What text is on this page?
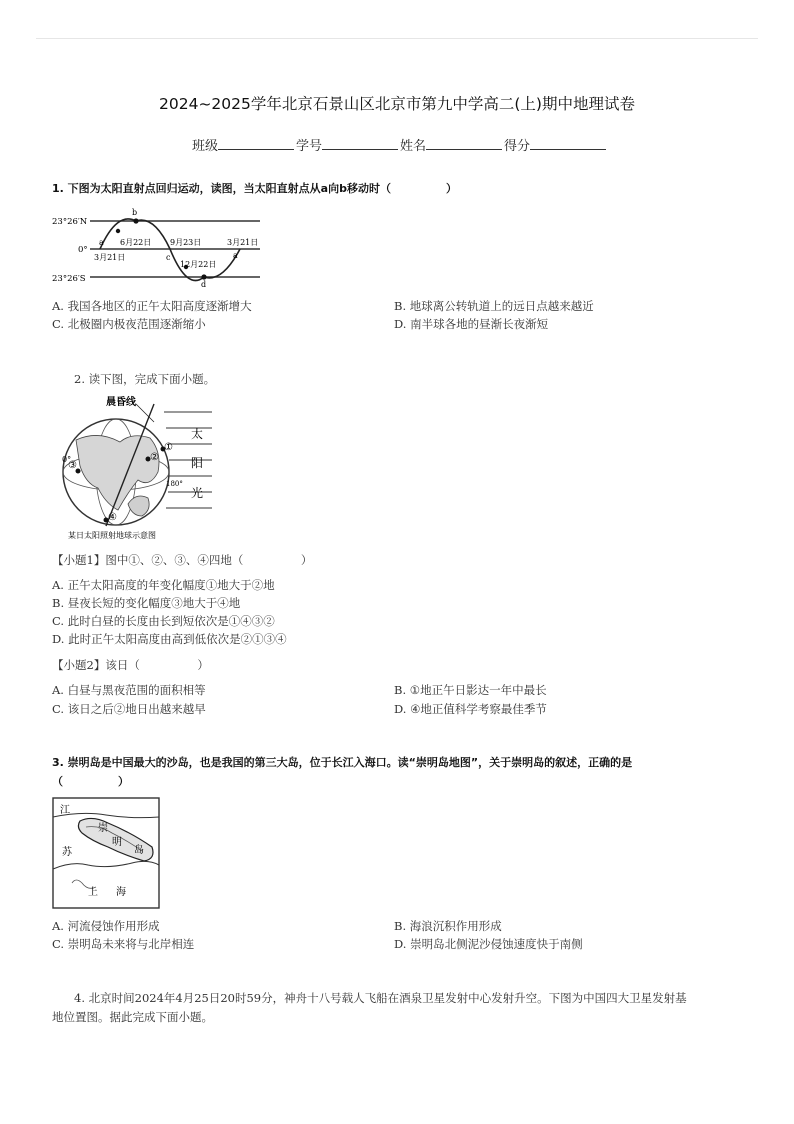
2024~2025学年北京石景山区北京市第九中学高二(上)期中地理试卷
班级	学号	姓名	得分
1. 下图为太阳直射点回归运动，读图，当太阳直射点从a向b移动时（　　　　　）
23°26′N
0°
23°26′S
a
b
c
d
a
3月21日
6月22日 9月23日
12月22日
3月21日
A. 我国各地区的正午太阳高度逐渐增大	B. 地球离公转轨道上的远日点越来越近
C. 北极圈内极夜范围逐渐缩小	D. 南半球各地的昼渐长夜渐短
2. 读下图，完成下面小题。
晨昏线
太
阳
光
0°
180°
①
②
③
④
某日太阳照射地球示意图
【小题1】图中①、②、③、④四地（　　　　　）
A. 正午太阳高度的年变化幅度①地大于②地
B. 昼夜长短的变化幅度③地大于④地
C. 此时白昼的长度由长到短依次是①④③②
D. 此时正午太阳高度由高到低依次是②①③④
【小题2】该日（　　　　　）
A. 白昼与黑夜范围的面积相等	B. ①地正午日影达一年中最长
C. 该日之后②地日出越来越早	D. ④地正值科学考察最佳季节
3. 崇明岛是中国最大的沙岛，也是我国的第三大岛，位于长江入海口。读“崇明岛地图”，关于崇明岛的叙述，正确的是
（　　　　　）
江
苏
崇
明
岛
上 海
A. 河流侵蚀作用形成	B. 海浪沉积作用形成
C. 崇明岛未来将与北岸相连	D. 崇明岛北侧泥沙侵蚀速度快于南侧
4. 北京时间2024年4月25日20时59分，神舟十八号载人飞船在酒泉卫星发射中心发射升空。下图为中国四大卫星发射基
地位置图。据此完成下面小题。
